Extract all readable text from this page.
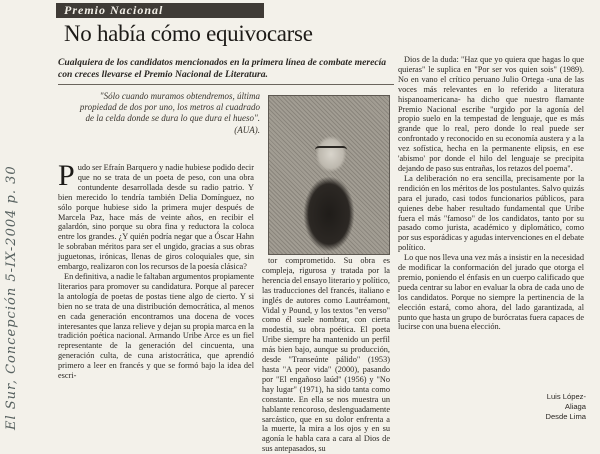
El Sur, Concepción 5-IX-2004 p. 30
Premio Nacional
No había cómo equivocarse
Cualquiera de los candidatos mencionados en la primera línea de combate merecía con creces llevarse el Premio Nacional de Literatura.
"Sólo cuando muramos obtendremos, última propiedad de dos por uno, los metros al cuadrado de la celda donde se dura lo que dura el hueso".
(AUA).

Pudo ser Efraín Barquero y nadie hubiese podido decir que no se trata de un poeta de peso, con una obra contundente desarrollada desde su radio patrio. Y bien merecido lo tendría también Delia Domínguez, no sólo porque hubiese sido la primera mujer después de Marcela Paz, hace más de veinte años, en recibir el galardón, sino porque su obra fina y reductora la coloca entre los grandes. ¿Y quién podría negar que a Óscar Hahn le sobraban méritos para ser el ungido, gracias a sus obras juguetonas, irónicas, llenas de giros coloquiales que, sin embargo, realizaron con los recursos de la poesía clásica?

En definitiva, a nadie le faltaban argumentos propiamente literarios para promover su candidatura. Porque al parecer la antología de poetas de postas tiene algo de cierto. Y si bien no se trata de una distribución democrática, al menos en cada generación encontramos una docena de voces interesantes que lanza relieve y dejan su propia marca en la tradición poética nacional. Armando Uribe Arce es un fiel representante de la generación del cincuenta, una generación culta, de cuna aristocrática, que aprendió primero a leer en francés y que se formó bajo la idea del escri-

tor comprometido. Su obra es compleja, rigurosa y tratada por la herencia del ensayo literario y político, las traducciones del francés, italiano e inglés de autores como Lautréamont, Vidal y Pound, y los textos "en verso" como él suele nombrar, con cierta modestia, su obra poética. El poeta Uribe siempre ha mantenido un perfil más bien bajo, aunque su producción, desde "Transeúnte pálido" (1953) hasta "A peor vida" (2000), pasando por "El engañoso laúd" (1956) y "No hay lugar" (1971), ha sido tanta como constante. En ella se nos muestra un hablante rencoroso, deslenguadamente sarcástico, que en su dolor enfrenta a la muerte, la mira a los ojos y en su agonía le habla cara a cara al Dios de sus antepasados, su

Dios de la duda: "Haz que yo quiera que hagas lo que quieras" le suplica en "Por ser vos quien sois" (1989). No en vano el crítico peruano Julio Ortega -una de las voces más relevantes en lo referido a literatura hispanoamericana- ha dicho que nuestro flamante Premio Nacional escribe "urgido por la agonía del propio suelo en la tempestad de lenguaje, que es más grande que lo real, pero donde lo real puede ser confrontado y reconocido en su economía austera y a la vez sofística, hecha en la permanente elipsis, en ese 'abismo' por donde el hilo del lenguaje se precipita dejando de paso sus entrañas, los retazos del poema".

La deliberación no era sencilla, precisamente por la rendición en los méritos de los postulantes. Salvo quizás para el jurado, casi todos funcionarios públicos, para quienes debe haber resultado fundamental que Uribe fuera el más "famoso" de los candidatos, tanto por su pasado como jurista, académico y diplomático, como por sus esporádicas y agudas intervenciones en el debate político.

Lo que nos lleva una vez más a insistir en la necesidad de modificar la conformación del jurado que otorga el premio, poniendo el énfasis en un cuerpo calificado que pueda centrar su labor en evaluar la obra de cada uno de los candidatos. Porque no siempre la pertinencia de la elección estará, como ahora, del lado garantizada, al punto que hasta un grupo de burócratas fuera capaces de lucirse con una buena elección.

Luis López-Aliaga
Desde Lima
